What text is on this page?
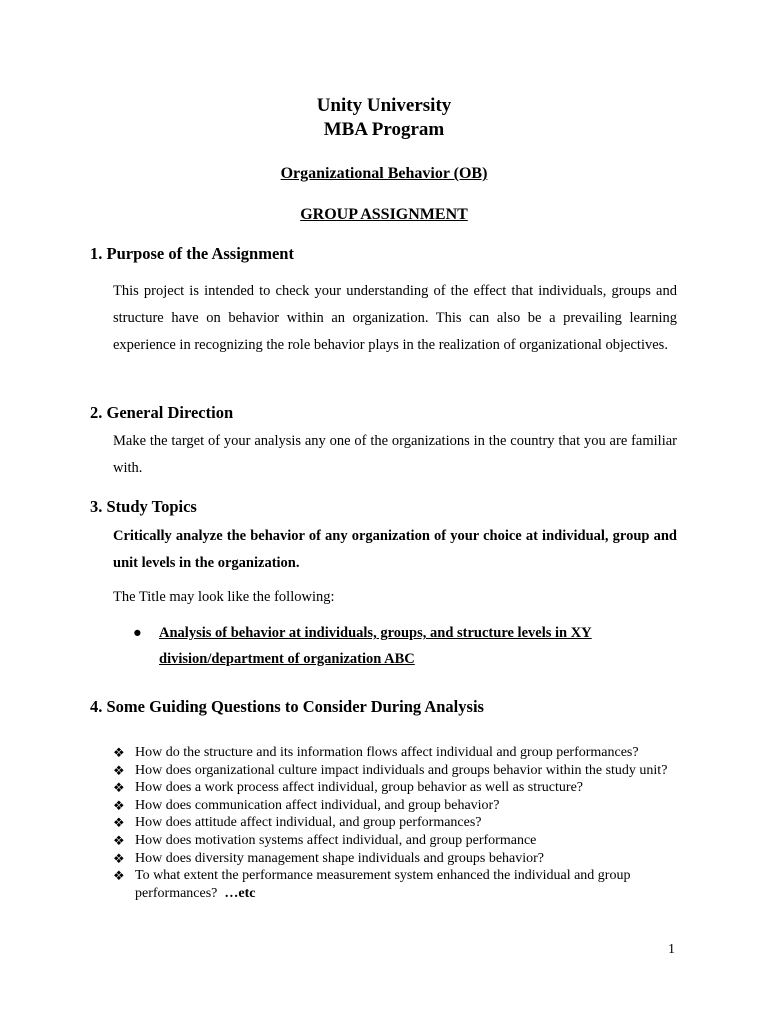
Unity University
MBA Program
Organizational Behavior (OB)
GROUP ASSIGNMENT
1. Purpose of the Assignment
This project is intended to check your understanding of the effect that individuals, groups and structure have on behavior within an organization. This can also be a prevailing learning experience in recognizing the role behavior plays in the realization of organizational objectives.
2. General Direction
Make the target of your analysis any one of the organizations in the country that you are familiar with.
3. Study Topics
Critically analyze the behavior of any organization of your choice at individual, group and unit levels in the organization.
The Title may look like the following:
● Analysis of behavior at individuals, groups, and structure levels in XY
division/department of organization ABC
4. Some Guiding Questions to Consider During Analysis
❖ How do the structure and its information flows affect individual and group performances?
❖ How does organizational culture impact individuals and groups behavior within the study unit?
❖ How does a work process affect individual, group behavior as well as structure?
❖ How does communication affect individual, and group behavior?
❖ How does attitude affect individual, and group performances?
❖ How does motivation systems affect individual, and group performance
❖ How does diversity management shape individuals and groups behavior?
❖ To what extent the performance measurement system enhanced the individual and group performances? …etc
1
